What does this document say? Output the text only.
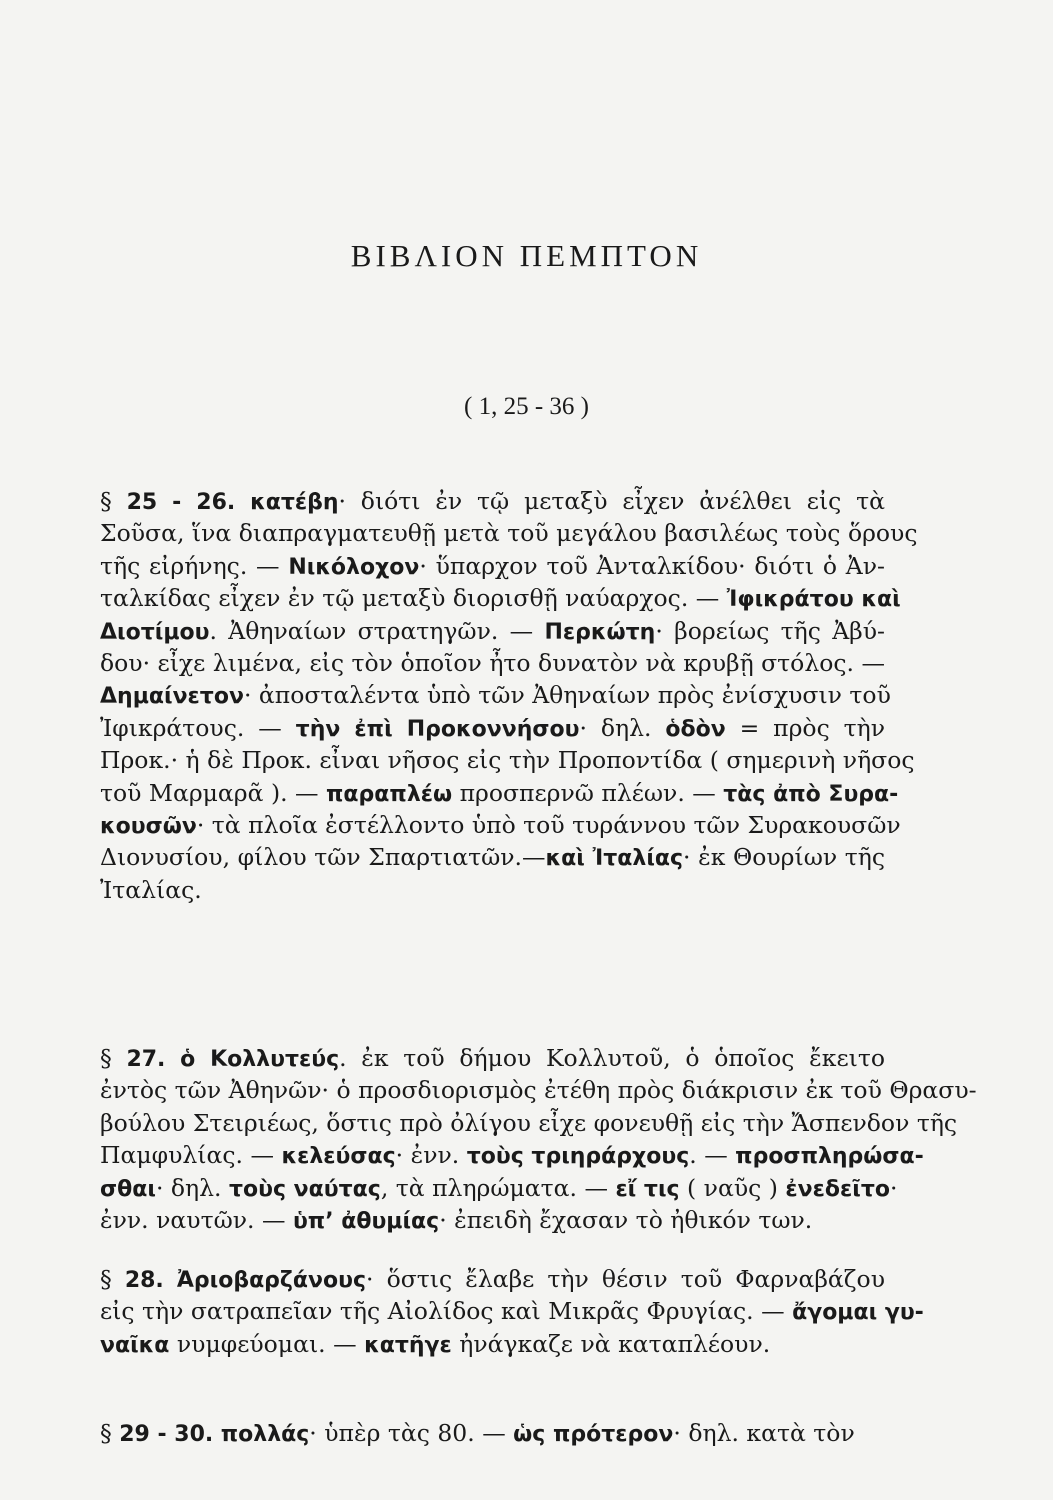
ΒΙΒΛΙΟΝ ΠΕΜΠΤΟΝ
( 1, 25 - 36 )
§ 25 - 26. κατέβη· διότι ἐν τῷ μεταξὺ εἶχεν ἀνέλθει εἰς τὰ
Σοῦσα, ἵνα διαπραγματευθῇ μετὰ τοῦ μεγάλου βασιλέως τοὺς ὅρους
τῆς εἰρήνης. — Νικόλοχον· ὕπαρχον τοῦ Ἀνταλκίδου· διότι ὁ Ἀν-
ταλκίδας εἶχεν ἐν τῷ μεταξὺ διορισθῇ ναύαρχος. — Ἰφικράτου καὶ
Διοτίμου. Ἀθηναίων στρατηγῶν. — Περκώτη· βορείως τῆς Ἀβύ-
δου· εἶχε λιμένα, εἰς τὸν ὁποῖον ἦτο δυνατὸν νὰ κρυβῇ στόλος. —
Δημαίνετον· ἀποσταλέντα ὑπὸ τῶν Ἀθηναίων πρὸς ἐνίσχυσιν τοῦ
Ἰφικράτους. — τὴν ἐπὶ Προκοννήσου· δηλ. ὁδὸν = πρὸς τὴν
Προκ.· ἡ δὲ Προκ. εἶναι νῆσος εἰς τὴν Προποντίδα ( σημερινὴ νῆσος
τοῦ Μαρμαρᾶ ). — παραπλέω προσπερνῶ πλέων. — τὰς ἀπὸ Συρα-
κουσῶν· τὰ πλοῖα ἐστέλλοντο ὑπὸ τοῦ τυράννου τῶν Συρακουσῶν
Διονυσίου, φίλου τῶν Σπαρτιατῶν.—καὶ Ἰταλίας· ἐκ Θουρίων τῆς
Ἰταλίας.
§ 27. ὁ Κολλυτεύς. ἐκ τοῦ δήμου Κολλυτοῦ, ὁ ὁποῖος ἔκειτο
ἐντὸς τῶν Ἀθηνῶν· ὁ προσδιορισμὸς ἐτέθη πρὸς διάκρισιν ἐκ τοῦ Θρασυ-
βούλου Στειριέως, ὅστις πρὸ ὀλίγου εἶχε φονευθῇ εἰς τὴν Ἄσπενδον τῆς
Παμφυλίας. — κελεύσας· ἐνν. τοὺς τριηράρχους. — προσπληρώσα-
σθαι· δηλ. τοὺς ναύτας, τὰ πληρώματα. — εἴ τις ( ναῦς ) ἐνεδεῖτο·
ἐνν. ναυτῶν. — ὑπ’ ἀθυμίας· ἐπειδὴ ἔχασαν τὸ ἠθικόν των.
§ 28. Ἀριοβαρζάνους· ὅστις ἔλαβε τὴν θέσιν τοῦ Φαρναβάζου
εἰς τὴν σατραπεῖαν τῆς Αἰολίδος καὶ Μικρᾶς Φρυγίας. — ἄγομαι γυ-
ναῖκα νυμφεύομαι. — κατῆγε ἠνάγκαζε νὰ καταπλέουν.
§ 29 - 30. πολλάς· ὑπὲρ τὰς 80. — ὡς πρότερον· δηλ. κατὰ τὸν
